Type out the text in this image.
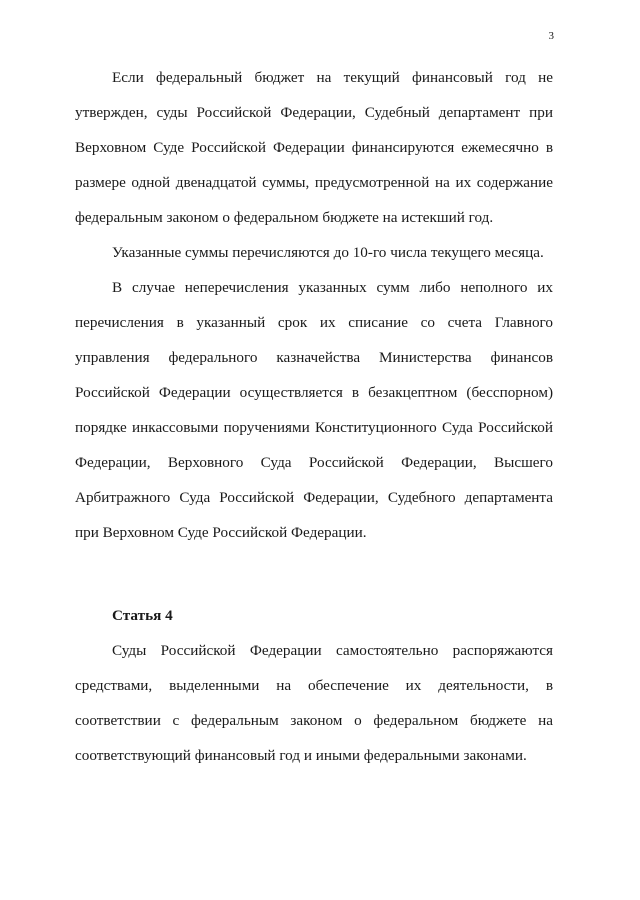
3

Если федеральный бюджет на текущий финансовый год не утвержден, суды Российской Федерации, Судебный департамент при Верховном Суде Российской Федерации финансируются ежемесячно в размере одной двенадцатой суммы, предусмотренной на их содержание федеральным законом о федеральном бюджете на истекший год.

Указанные суммы перечисляются до 10-го числа текущего месяца.

В случае неперечисления указанных сумм либо неполного их перечисления в указанный срок их списание со счета Главного управления федерального казначейства Министерства финансов Российской Федерации осуществляется в безакцептном (бесспорном) порядке инкассовыми поручениями Конституционного Суда Российской Федерации, Верховного Суда Российской Федерации, Высшего Арбитражного Суда Российской Федерации, Судебного департамента при Верховном Суде Российской Федерации.

Статья 4

Суды Российской Федерации самостоятельно распоряжаются средствами, выделенными на обеспечение их деятельности, в соответствии с федеральным законом о федеральном бюджете на соответствующий финансовый год и иными федеральными законами.
